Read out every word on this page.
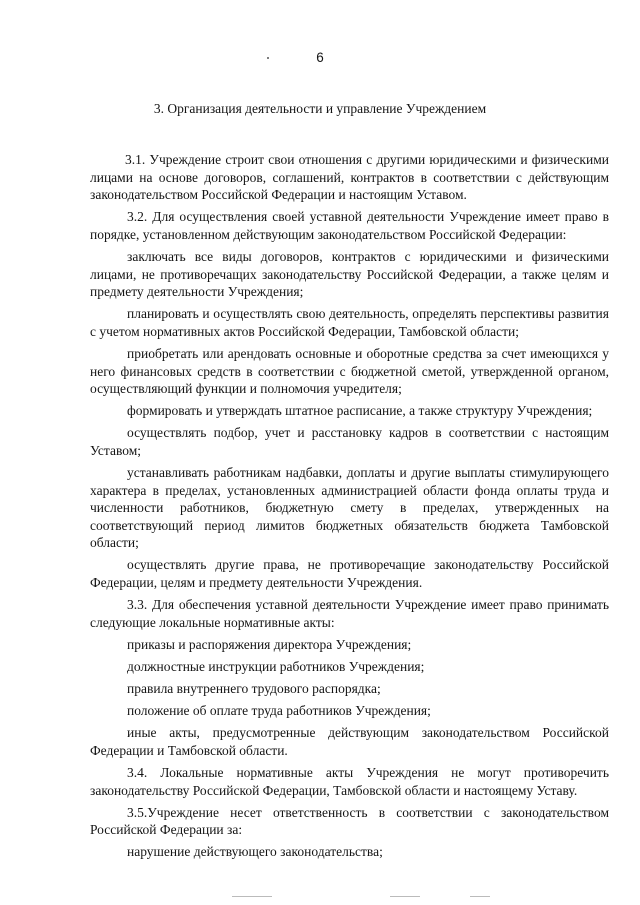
6
3. Организация деятельности и управление Учреждением

3.1. Учреждение строит свои отношения с другими юридическими и физическими лицами на основе договоров, соглашений, контрактов в соответствии с действующим законодательством Российской Федерации и настоящим Уставом.

3.2. Для осуществления своей уставной деятельности Учреждение имеет право в порядке, установленном действующим законодательством Российской Федерации:

заключать все виды договоров, контрактов с юридическими и физическими лицами, не противоречащих законодательству Российской Федерации, а также целям и предмету деятельности Учреждения;

планировать и осуществлять свою деятельность, определять перспективы развития с учетом нормативных актов Российской Федерации, Тамбовской области;

приобретать или арендовать основные и оборотные средства за счет имеющихся у него финансовых средств в соответствии с бюджетной сметой, утвержденной органом, осуществляющий функции и полномочия учредителя;

формировать и утверждать штатное расписание, а также структуру Учреждения;

осуществлять подбор, учет и расстановку кадров в соответствии с настоящим Уставом;

устанавливать работникам надбавки, доплаты и другие выплаты стимулирующего характера в пределах, установленных администрацией области фонда оплаты труда и численности работников, бюджетную смету в пределах, утвержденных на соответствующий период лимитов бюджетных обязательств бюджета Тамбовской области;

осуществлять другие права, не противоречащие законодательству Российской Федерации, целям и предмету деятельности Учреждения.

3.3. Для обеспечения уставной деятельности Учреждение имеет право принимать следующие локальные нормативные акты:

приказы и распоряжения директора Учреждения;

должностные инструкции работников Учреждения;

правила внутреннего трудового распорядка;

положение об оплате труда работников Учреждения;

иные акты, предусмотренные действующим законодательством Российской Федерации и Тамбовской области.

3.4. Локальные нормативные акты Учреждения не могут противоречить законодательству Российской Федерации, Тамбовской области и настоящему Уставу.

3.5.Учреждение несет ответственность в соответствии с законодательством Российской Федерации за:

нарушение действующего законодательства;
